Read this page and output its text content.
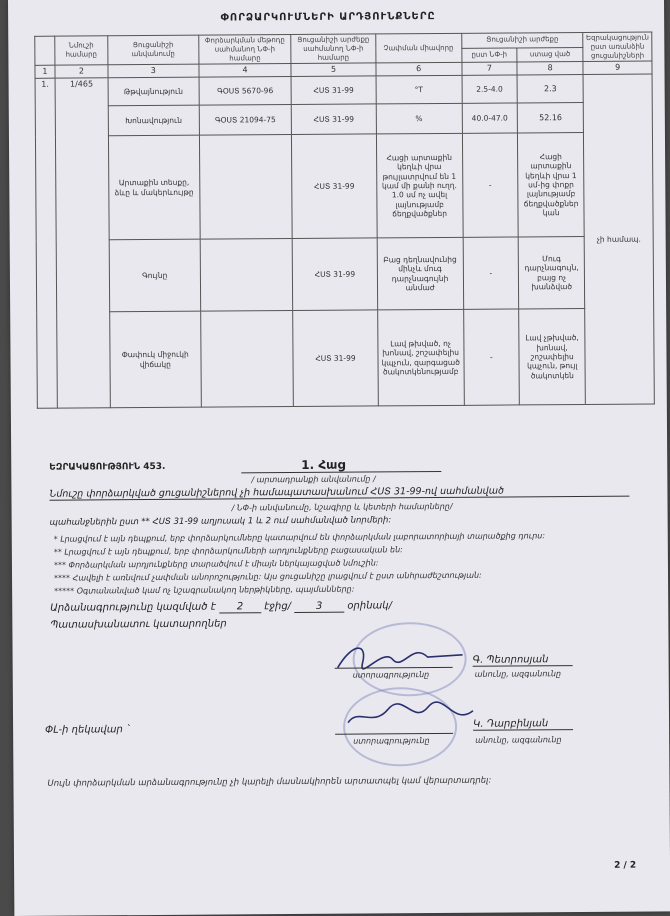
ՓՈՐՁԱՐԿՈՒՄՆԵՐԻ ԱՐԴՅՈՒՆՔՆԵՐԸ
	Նմուշի համարը	Ցուցանիշի անվանումը	Փորձարկման մեթոդը սահմանող ՆՓ-ի համարը	Ցուցանիշի արժեքը սահմանող ՆՓ-ի համարը	Չափման միավորը	Ցուցանիշի արժեքը		Եզրակացություն ըստ առանձին ցուցանիշների
						ըստ ՆՓ-ի	ստաց ված	
1	2	3	4	5	6	7	8	9
1.	1/465	Թթվայնություն	ԳՕՍՏ 5670-96	ՀՍՏ 31-99	°T	2.5-4.0	2.3	չի համապ.
		Խոնավություն	ԳՕՍՏ 21094-75	ՀՍՏ 31-99	%	40.0-47.0	52.16	
		Արտաքին տեսքը, ձևը և մակերևույթը		ՀՍՏ 31-99	Հացի արտաքին կեղևի վրա թույլատրվում են 1 կամ մի քանի ուղղ. 1.0 սմ ոչ ավել լայնությամբ ճեղքվածքներ	-	Հացի արտաքին կեղևի վրա 1 սմ-ից փոքր լայնությամբ ճեղքվածքներ կան	
		Գույնը		ՀՍՏ 31-99	Բաց դեղնավունից մինչև մուգ դարչնագույնի անմաժ	-	Մուգ դարչնագույն, բայց ոչ խանձված	
		Փափուկ միջուկի վիճակը		ՀՍՏ 31-99	Լավ թխված, ոչ խոնավ, շոշափելիս կպչուն, զարգացած ծակոտկենությամբ	-	Լավ չթխված, խոնավ, շոշափելիս կպչուն, թույլ ծակոտկեն	
ԵԶՐԱԿԱՑՈՒԹՅՈՒՆ 453.	1. Հաց
/ արտադրանքի անվանումը /
Նմուշը փորձարկված ցուցանիշներով չի համապատասխանում ՀՍՏ 31-99-ով սահմանված
/ ՆՓ-ի անվանումը, նշագիրը և կետերի համարները/
պահանջներին ըստ ** ՀՍՏ 31-99 աղյուսակ 1 և 2 ում սահմանված նորմերի:
* Լրացվում է այն դեպքում, երբ փորձարկումները կատարվում են փորձարկման լաբորատորիայի տարածքից դուրս:
** Լրացվում է այն դեպքում, երբ փորձարկումների արդյունքները բացասական են:
*** Փորձարկման արդյունքները տարածվում է միայն ներկայացված նմուշին:
**** Հավելի է առնվում չափման անորոշությունը: Այս ցուցանիշը լրացվում է ըստ անհրաժեշտության:
***** Օգտանանված կամ ոչ նշագրանակող ներթիկները, պայմանները:
Արձանագրությունը կազմված է 2 էջից/ 3 օրինակ/
Պատասխանատու կատարողներ
ստորագրությունը
Գ. Պետրոսյան
անունը, ազգանունը
ՓԼ-ի ղեկավար `
ստորագրությունը
Կ. Դարբինյան
անունը, ազգանունը
Սույն փորձարկման արձանագրությունը չի կարելի մասնակիորեն արտատպել կամ վերարտադրել:
2 / 2
